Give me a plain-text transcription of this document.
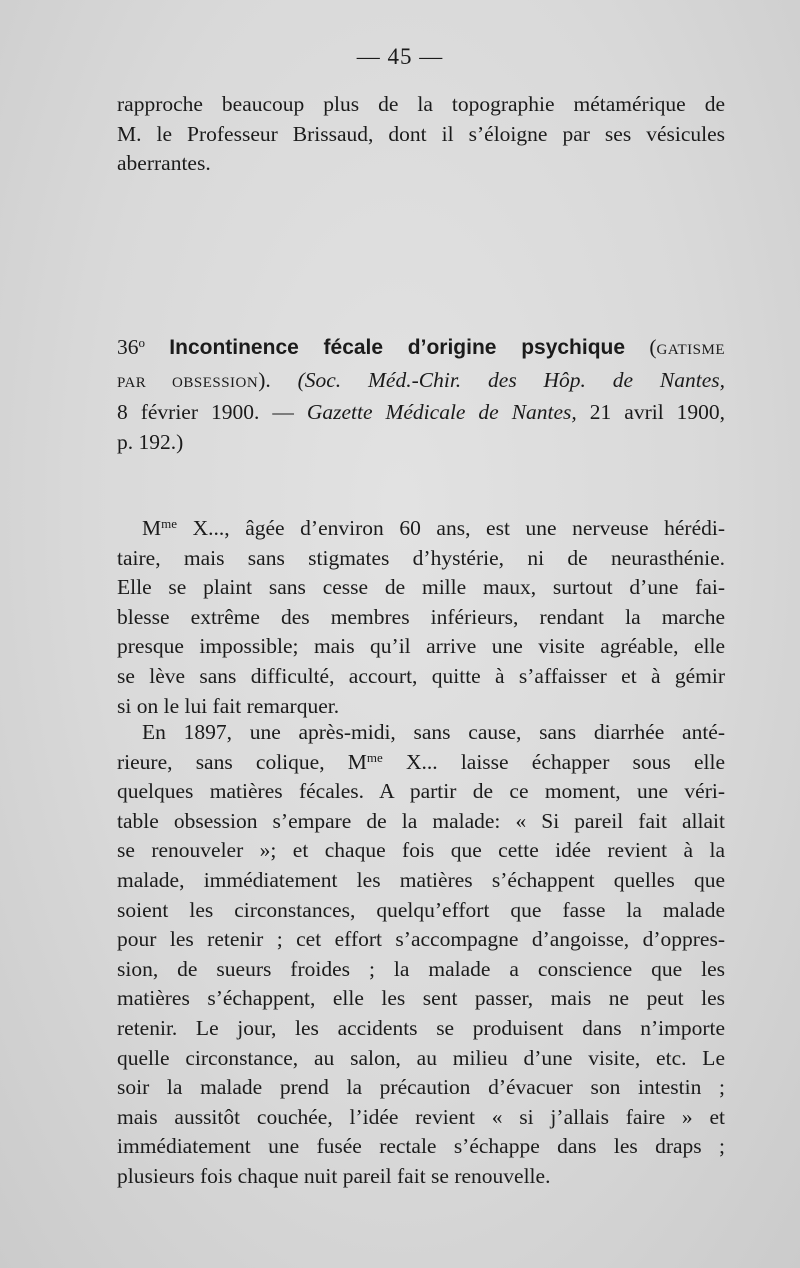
— 45 —
rapproche beaucoup plus de la topographie métamérique de
M. le Professeur Brissaud, dont il s’éloigne par ses vésicules
aberrantes.
36$^o$ Incontinence fécale d’origine psychique (GATISME
PAR OBSESSION). (Soc. Méd.-Chir. des Hôp. de Nantes,
8 février 1900. — Gazette Médicale de Nantes, 21 avril 1900,
p. 192.)
$M^{me}$ X..., âgée d’environ 60 ans, est une nerveuse hérédi-
taire, mais sans stigmates d’hystérie, ni de neurasthénie.
Elle se plaint sans cesse de mille maux, surtout d’une fai-
blesse extrême des membres inférieurs, rendant la marche
presque impossible; mais qu’il arrive une visite agréable, elle
se lève sans difficulté, accourt, quitte à s’affaisser et à gémir
si on le lui fait remarquer.
En 1897, une après-midi, sans cause, sans diarrhée anté-
rieure, sans colique, $M^{me}$ X... laisse échapper sous elle
quelques matières fécales. A partir de ce moment, une véri-
table obsession s’empare de la malade: « Si pareil fait allait
se renouveler »; et chaque fois que cette idée revient à la
malade, immédiatement les matières s’échappent quelles que
soient les circonstances, quelqu’effort que fasse la malade
pour les retenir ; cet effort s’accompagne d’angoisse, d’oppres-
sion, de sueurs froides ; la malade a conscience que les
matières s’échappent, elle les sent passer, mais ne peut les
retenir. Le jour, les accidents se produisent dans n’importe
quelle circonstance, au salon, au milieu d’une visite, etc. Le
soir la malade prend la précaution d’évacuer son intestin ;
mais aussitôt couchée, l’idée revient « si j’allais faire » et
immédiatement une fusée rectale s’échappe dans les draps ;
plusieurs fois chaque nuit pareil fait se renouvelle.
